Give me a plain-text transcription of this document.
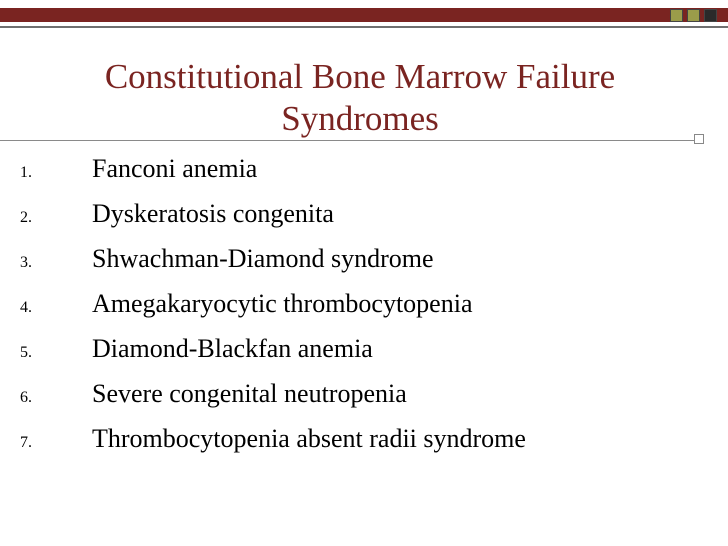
Constitutional Bone Marrow Failure
Syndromes
1. Fanconi anemia
2. Dyskeratosis congenita
3. Shwachman-Diamond syndrome
4. Amegakaryocytic thrombocytopenia
5. Diamond-Blackfan anemia
6. Severe congenital neutropenia
7. Thrombocytopenia absent radii syndrome
